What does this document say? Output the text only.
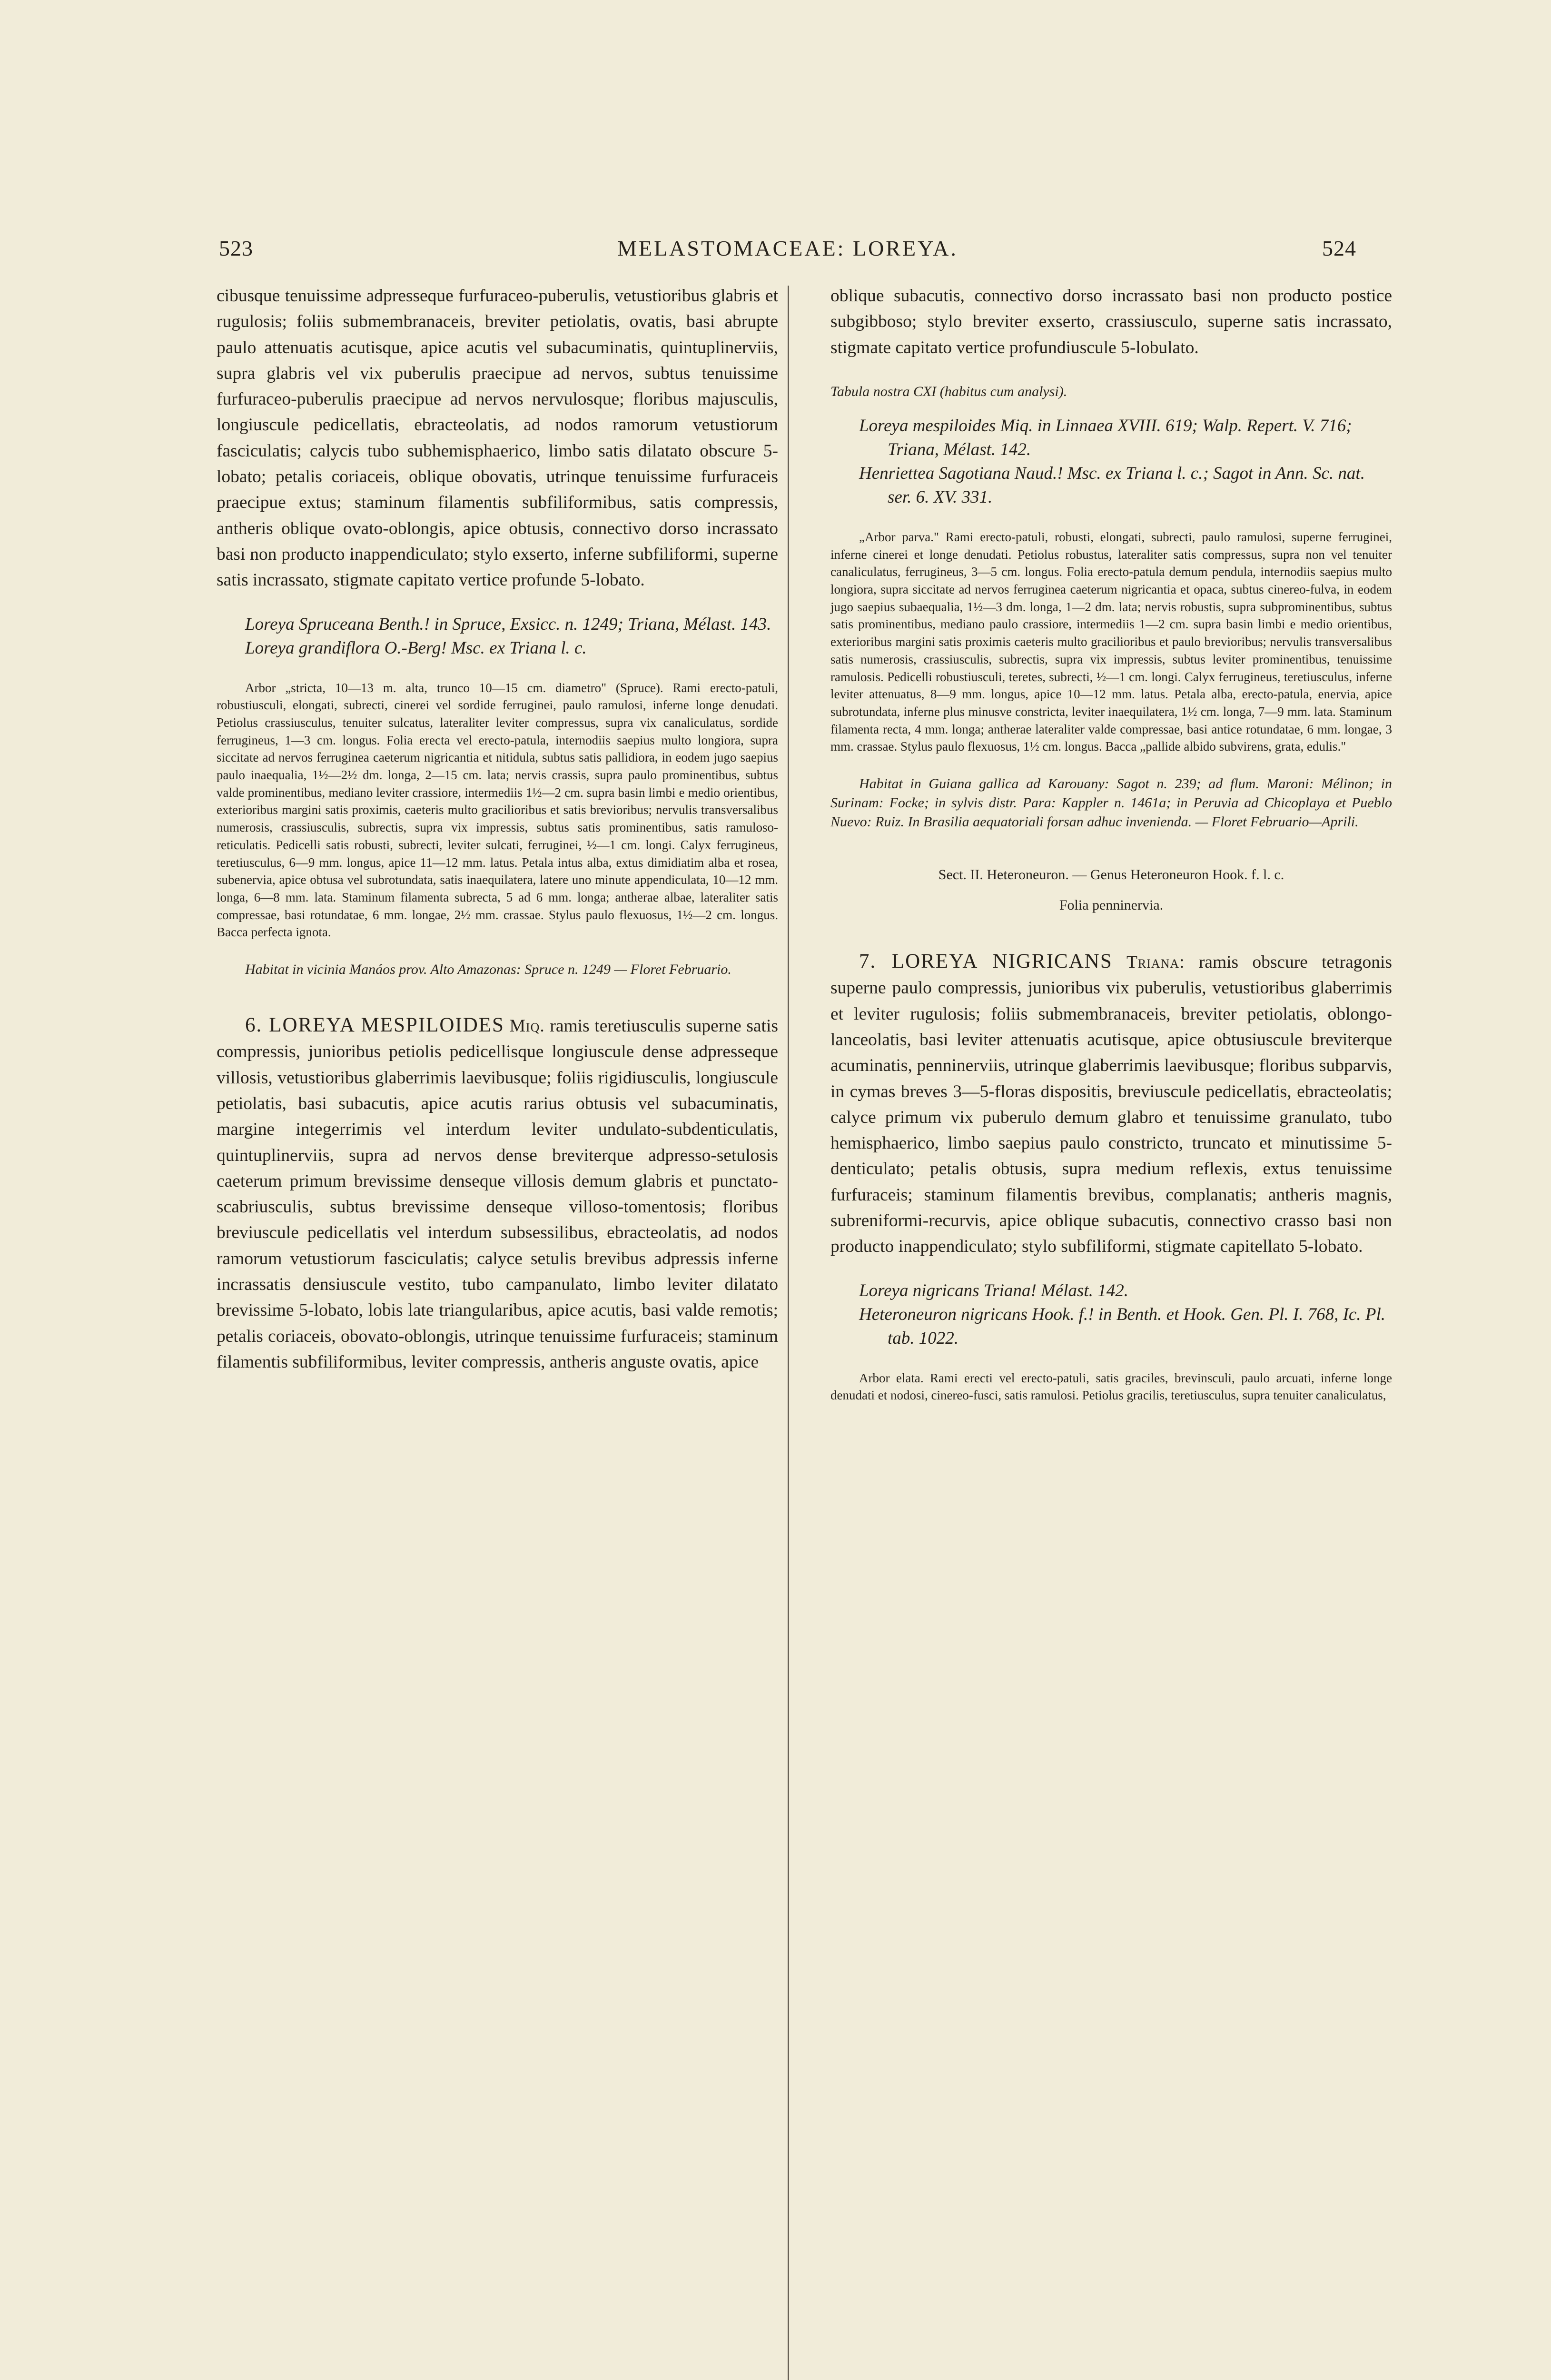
523	MELASTOMACEAE: LOREYA.	524

cibusque tenuissime adpresseque furfuraceo-puberulis, vetustioribus glabris et rugulosis; foliis submembranaceis, breviter petiolatis, ovatis, basi abrupte paulo attenuatis acutisque, apice acutis vel subacuminatis, quintuplinerviis, supra glabris vel vix puberulis praecipue ad nervos, subtus tenuissime furfuraceo-puberulis praecipue ad nervos nervulosque; floribus majusculis, longiuscule pedicellatis, ebracteolatis, ad nodos ramorum vetustiorum fasciculatis; calycis tubo subhemisphaerico, limbo satis dilatato obscure 5-lobato; petalis coriaceis, oblique obovatis, utrinque tenuissime furfuraceis praecipue extus; staminum filamentis subfiliformibus, satis compressis, antheris oblique ovato-oblongis, apice obtusis, connectivo dorso incrassato basi non producto inappendiculato; stylo exserto, inferne subfiliformi, superne satis incrassato, stigmate capitato vertice profunde 5-lobato.

Loreya Spruceana Benth.! in Spruce, Exsicc. n. 1249; Triana, Mélast. 143.

Loreya grandiflora O.-Berg! Msc. ex Triana l. c.

Arbor „stricta, 10—13 m. alta, trunco 10—15 cm. diametro" (Spruce). Rami erecto-patuli, robustiusculi, elongati, subrecti, cinerei vel sordide ferruginei, paulo ramulosi, inferne longe denudati. Petiolus crassiusculus, tenuiter sulcatus, lateraliter leviter compressus, supra vix canaliculatus, sordide ferrugineus, 1—3 cm. longus. Folia erecta vel erecto-patula, internodiis saepius multo longiora, supra siccitate ad nervos ferruginea caeterum nigricantia et nitidula, subtus satis pallidiora, in eodem jugo saepius paulo inaequalia, 1½—2½ dm. longa, 2—15 cm. lata; nervis crassis, supra paulo prominentibus, subtus valde prominentibus, mediano leviter crassiore, intermediis 1½—2 cm. supra basin limbi e medio orientibus, exterioribus margini satis proximis, caeteris multo gracilioribus et satis brevioribus; nervulis transversalibus numerosis, crassiusculis, subrectis, supra vix impressis, subtus satis prominentibus, satis ramuloso-reticulatis. Pedicelli satis robusti, subrecti, leviter sulcati, ferruginei, ½—1 cm. longi. Calyx ferrugineus, teretiusculus, 6—9 mm. longus, apice 11—12 mm. latus. Petala intus alba, extus dimidiatim alba et rosea, subenervia, apice obtusa vel subrotundata, satis inaequilatera, latere uno minute appendiculata, 10—12 mm. longa, 6—8 mm. lata. Staminum filamenta subrecta, 5 ad 6 mm. longa; antherae albae, lateraliter satis compressae, basi rotundatae, 6 mm. longae, 2½ mm. crassae. Stylus paulo flexuosus, 1½—2 cm. longus. Bacca perfecta ignota.

Habitat in vicinia Manáos prov. Alto Amazonas: Spruce n. 1249 — Floret Februario.

6. LOREYA MESPILOIDES Miq. ramis teretiusculis superne satis compressis, junioribus petiolis pedicellisque longiuscule dense adpresseque villosis, vetustioribus glaberrimis laevibusque; foliis rigidiusculis, longiuscule petiolatis, basi subacutis, apice acutis rarius obtusis vel subacuminatis, margine integerrimis vel interdum leviter undulato-subdenticulatis, quintuplinerviis, supra ad nervos dense breviterque adpresso-setulosis caeterum primum brevissime denseque villosis demum glabris et punctato-scabriusculis, subtus brevissime denseque villoso-tomentosis; floribus breviuscule pedicellatis vel interdum subsessilibus, ebracteolatis, ad nodos ramorum vetustiorum fasciculatis; calyce setulis brevibus adpressis inferne incrassatis densiuscule vestito, tubo campanulato, limbo leviter dilatato brevissime 5-lobato, lobis late triangularibus, apice acutis, basi valde remotis; petalis coriaceis, obovato-oblongis, utrinque tenuissime furfuraceis; staminum filamentis subfiliformibus, leviter compressis, antheris anguste ovatis, apice

oblique subacutis, connectivo dorso incrassato basi non producto postice subgibboso; stylo breviter exserto, crassiusculo, superne satis incrassato, stigmate capitato vertice profundiuscule 5-lobulato.

Tabula nostra CXI (habitus cum analysi).

Loreya mespiloides Miq. in Linnaea XVIII. 619; Walp. Repert. V. 716; Triana, Mélast. 142.

Henriettea Sagotiana Naud.! Msc. ex Triana l. c.; Sagot in Ann. Sc. nat. ser. 6. XV. 331.

„Arbor parva." Rami erecto-patuli, robusti, elongati, subrecti, paulo ramulosi, superne ferruginei, inferne cinerei et longe denudati. Petiolus robustus, lateraliter satis compressus, supra non vel tenuiter canaliculatus, ferrugineus, 3—5 cm. longus. Folia erecto-patula demum pendula, internodiis saepius multo longiora, supra siccitate ad nervos ferruginea caeterum nigricantia et opaca, subtus cinereo-fulva, in eodem jugo saepius subaequalia, 1½—3 dm. longa, 1—2 dm. lata; nervis robustis, supra subprominentibus, subtus satis prominentibus, mediano paulo crassiore, intermediis 1—2 cm. supra basin limbi e medio orientibus, exterioribus margini satis proximis caeteris multo gracilioribus et paulo brevioribus; nervulis transversalibus satis numerosis, crassiusculis, subrectis, supra vix impressis, subtus leviter prominentibus, tenuissime ramulosis. Pedicelli robustiusculi, teretes, subrecti, ½—1 cm. longi. Calyx ferrugineus, teretiusculus, inferne leviter attenuatus, 8—9 mm. longus, apice 10—12 mm. latus. Petala alba, erecto-patula, enervia, apice subrotundata, inferne plus minusve constricta, leviter inaequilatera, 1½ cm. longa, 7—9 mm. lata. Staminum filamenta recta, 4 mm. longa; antherae lateraliter valde compressae, basi antice rotundatae, 6 mm. longae, 3 mm. crassae. Stylus paulo flexuosus, 1½ cm. longus. Bacca „pallide albido subvirens, grata, edulis."

Habitat in Guiana gallica ad Karouany: Sagot n. 239; ad flum. Maroni: Mélinon; in Surinam: Focke; in sylvis distr. Para: Kappler n. 1461a; in Peruvia ad Chicoplaya et Pueblo Nuevo: Ruiz. In Brasilia aequatoriali forsan adhuc invenienda. — Floret Februario—Aprili.

Sect. II. Heteroneuron. — Genus Heteroneuron Hook. f. l. c.

Folia penninervia.

7. LOREYA NIGRICANS Triana: ramis obscure tetragonis superne paulo compressis, junioribus vix puberulis, vetustioribus glaberrimis et leviter rugulosis; foliis submembranaceis, breviter petiolatis, oblongo-lanceolatis, basi leviter attenuatis acutisque, apice obtusiuscule breviterque acuminatis, penninerviis, utrinque glaberrimis laevibusque; floribus subparvis, in cymas breves 3—5-floras dispositis, breviuscule pedicellatis, ebracteolatis; calyce primum vix puberulo demum glabro et tenuissime granulato, tubo hemisphaerico, limbo saepius paulo constricto, truncato et minutissime 5-denticulato; petalis obtusis, supra medium reflexis, extus tenuissime furfuraceis; staminum filamentis brevibus, complanatis; antheris magnis, subreniformi-recurvis, apice oblique subacutis, connectivo crasso basi non producto inappendiculato; stylo subfiliformi, stigmate capitellato 5-lobato.

Loreya nigricans Triana! Mélast. 142.

Heteroneuron nigricans Hook. f.! in Benth. et Hook. Gen. Pl. I. 768, Ic. Pl. tab. 1022.

Arbor elata. Rami erecti vel erecto-patuli, satis graciles, brevinsculi, paulo arcuati, inferne longe denudati et nodosi, cinereo-fusci, satis ramulosi. Petiolus gracilis, teretiusculus, supra tenuiter canaliculatus,
